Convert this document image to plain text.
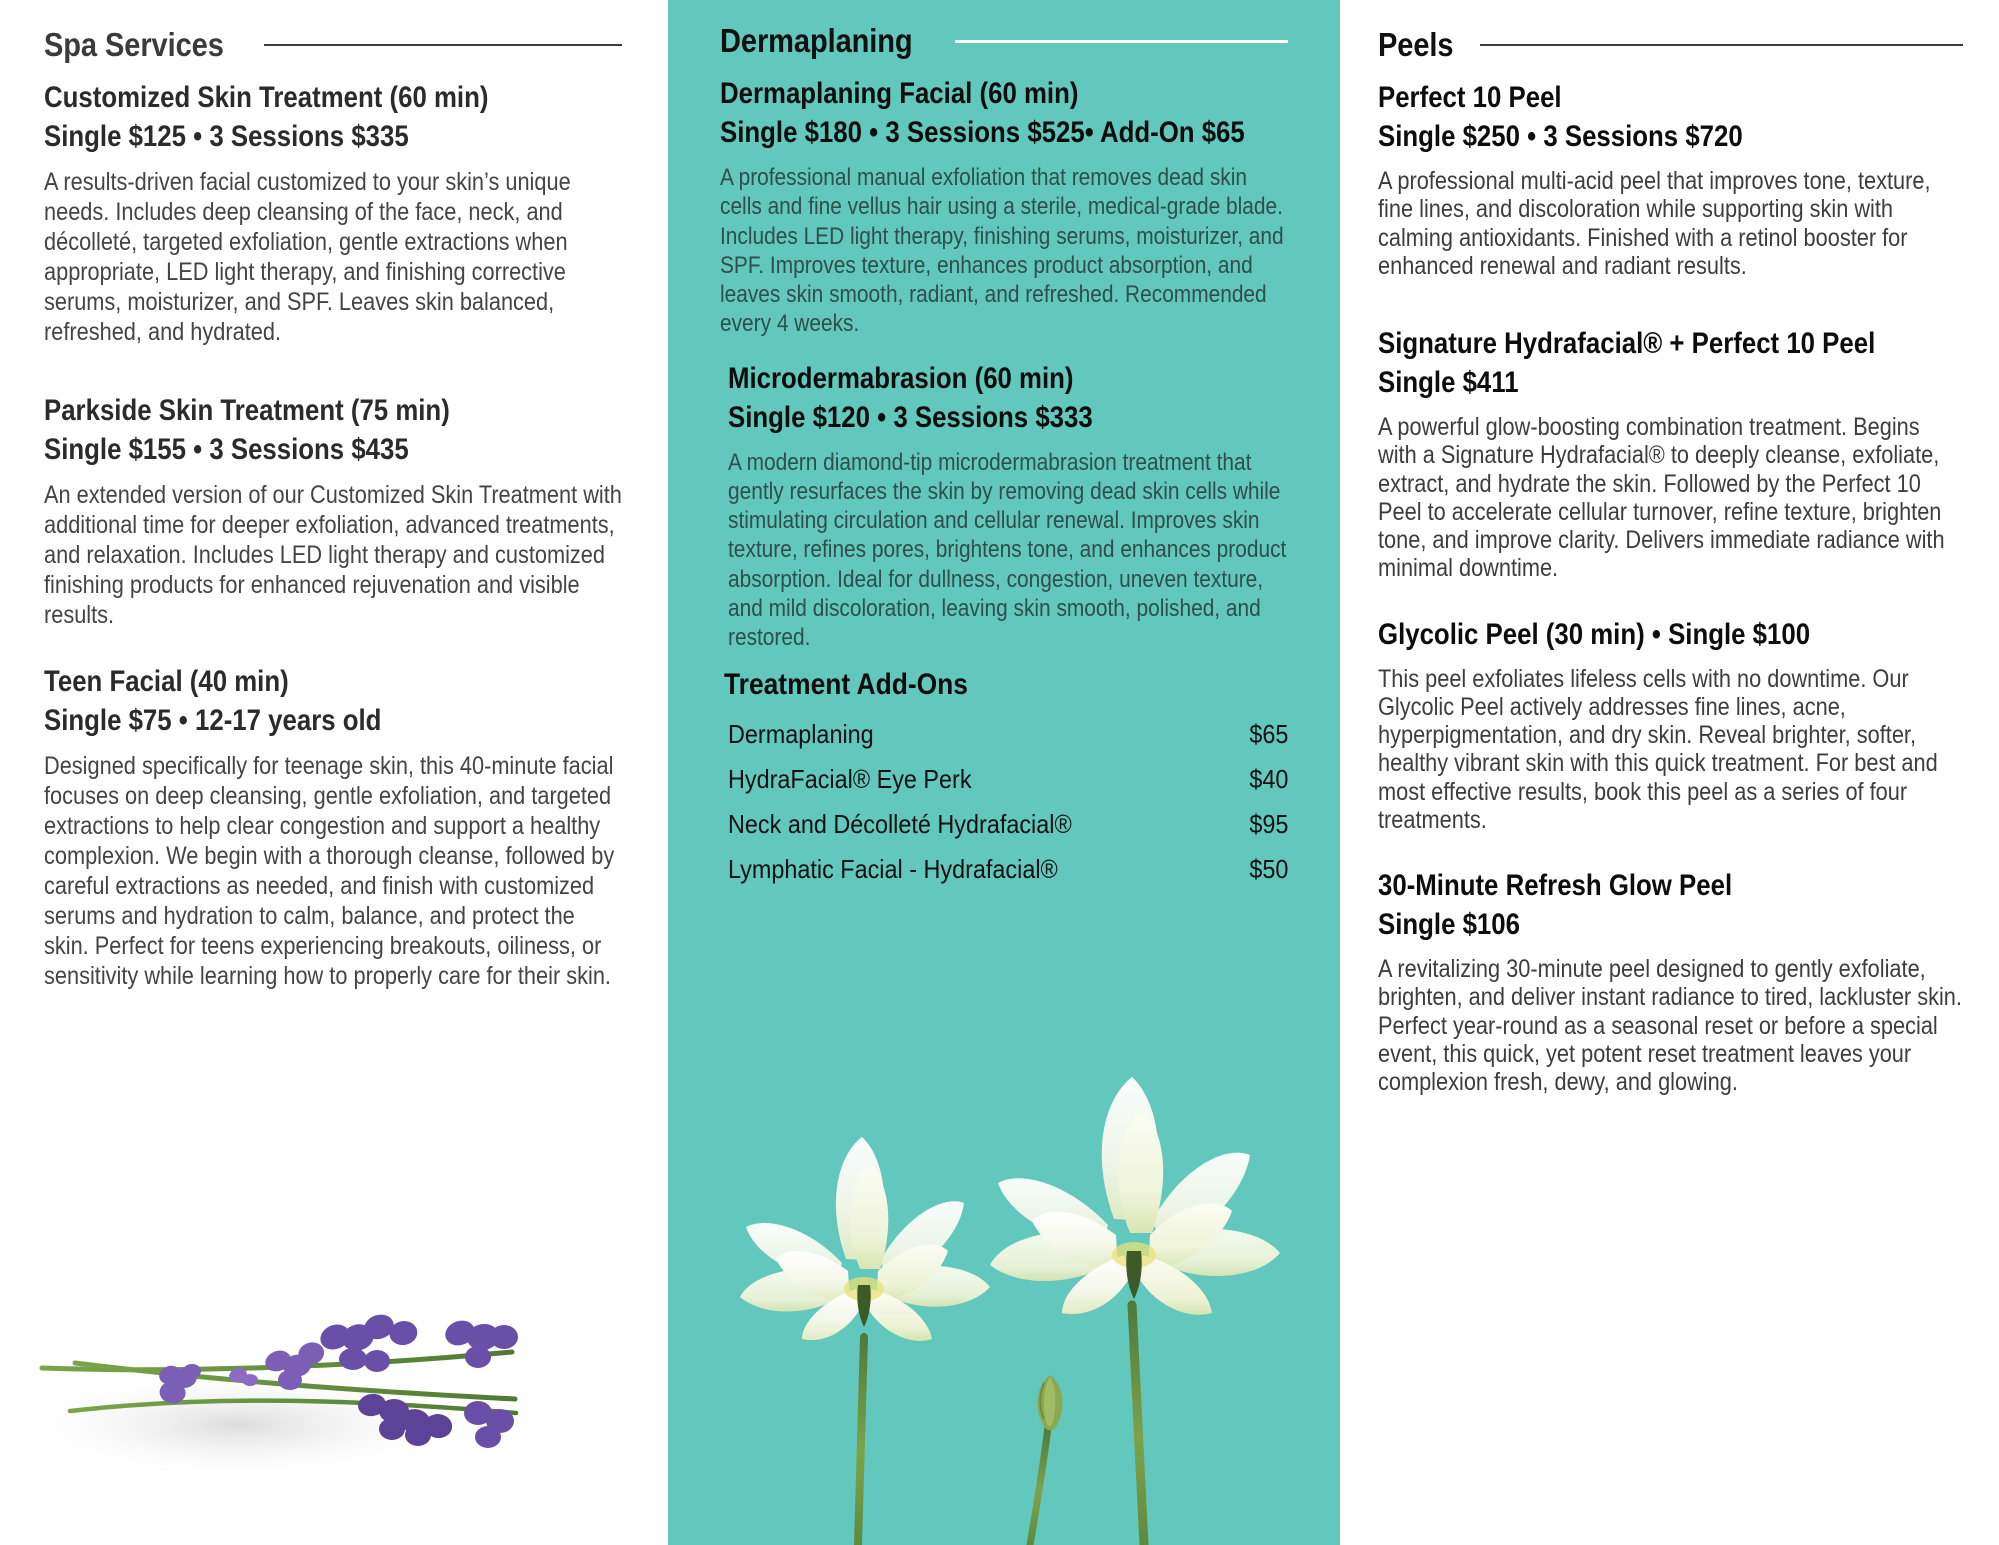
Spa Services
Customized Skin Treatment (60 min)
Single $125 • 3 Sessions $335
A results-driven facial customized to your skin’s unique needs. Includes deep cleansing of the face, neck, and décolleté, targeted exfoliation, gentle extractions when appropriate, LED light therapy, and finishing corrective serums, moisturizer, and SPF. Leaves skin balanced, refreshed, and hydrated.
Parkside Skin Treatment (75 min)
Single $155 • 3 Sessions $435
An extended version of our Customized Skin Treatment with additional time for deeper exfoliation, advanced treatments, and relaxation. Includes LED light therapy and customized finishing products for enhanced rejuvenation and visible results.
Teen Facial (40 min)
Single $75 • 12-17 years old
Designed specifically for teenage skin, this 40-minute facial focuses on deep cleansing, gentle exfoliation, and targeted extractions to help clear congestion and support a healthy complexion. We begin with a thorough cleanse, followed by careful extractions as needed, and finish with customized serums and hydration to calm, balance, and protect the skin. Perfect for teens experiencing breakouts, oiliness, or sensitivity while learning how to properly care for their skin.
Dermaplaning
Dermaplaning Facial (60 min)
Single $180 • 3 Sessions $525• Add-On $65
A professional manual exfoliation that removes dead skin cells and fine vellus hair using a sterile, medical-grade blade. Includes LED light therapy, finishing serums, moisturizer, and SPF. Improves texture, enhances product absorption, and leaves skin smooth, radiant, and refreshed. Recommended every 4 weeks.
Microdermabrasion (60 min)
Single $120 • 3 Sessions $333
A modern diamond-tip microdermabrasion treatment that gently resurfaces the skin by removing dead skin cells while stimulating circulation and cellular renewal. Improves skin texture, refines pores, brightens tone, and enhances product absorption. Ideal for dullness, congestion, uneven texture, and mild discoloration, leaving skin smooth, polished, and restored.
Treatment Add-Ons
Dermaplaning	$65
HydraFacial® Eye Perk	$40
Neck and Décolleté Hydrafacial®	$95
Lymphatic Facial - Hydrafacial®	$50
Peels
Perfect 10 Peel
Single $250 • 3 Sessions $720
A professional multi-acid peel that improves tone, texture, fine lines, and discoloration while supporting skin with calming antioxidants. Finished with a retinol booster for enhanced renewal and radiant results.
Signature Hydrafacial® + Perfect 10 Peel
Single $411
A powerful glow-boosting combination treatment. Begins with a Signature Hydrafacial® to deeply cleanse, exfoliate, extract, and hydrate the skin. Followed by the Perfect 10 Peel to accelerate cellular turnover, refine texture, brighten tone, and improve clarity. Delivers immediate radiance with minimal downtime.
Glycolic Peel (30 min) • Single $100
This peel exfoliates lifeless cells with no downtime. Our Glycolic Peel actively addresses fine lines, acne, hyperpigmentation, and dry skin. Reveal brighter, softer, healthy vibrant skin with this quick treatment. For best and most effective results, book this peel as a series of four treatments.
30-Minute Refresh Glow Peel
Single $106
A revitalizing 30-minute peel designed to gently exfoliate, brighten, and deliver instant radiance to tired, lackluster skin. Perfect year-round as a seasonal reset or before a special event, this quick, yet potent reset treatment leaves your complexion fresh, dewy, and glowing.
